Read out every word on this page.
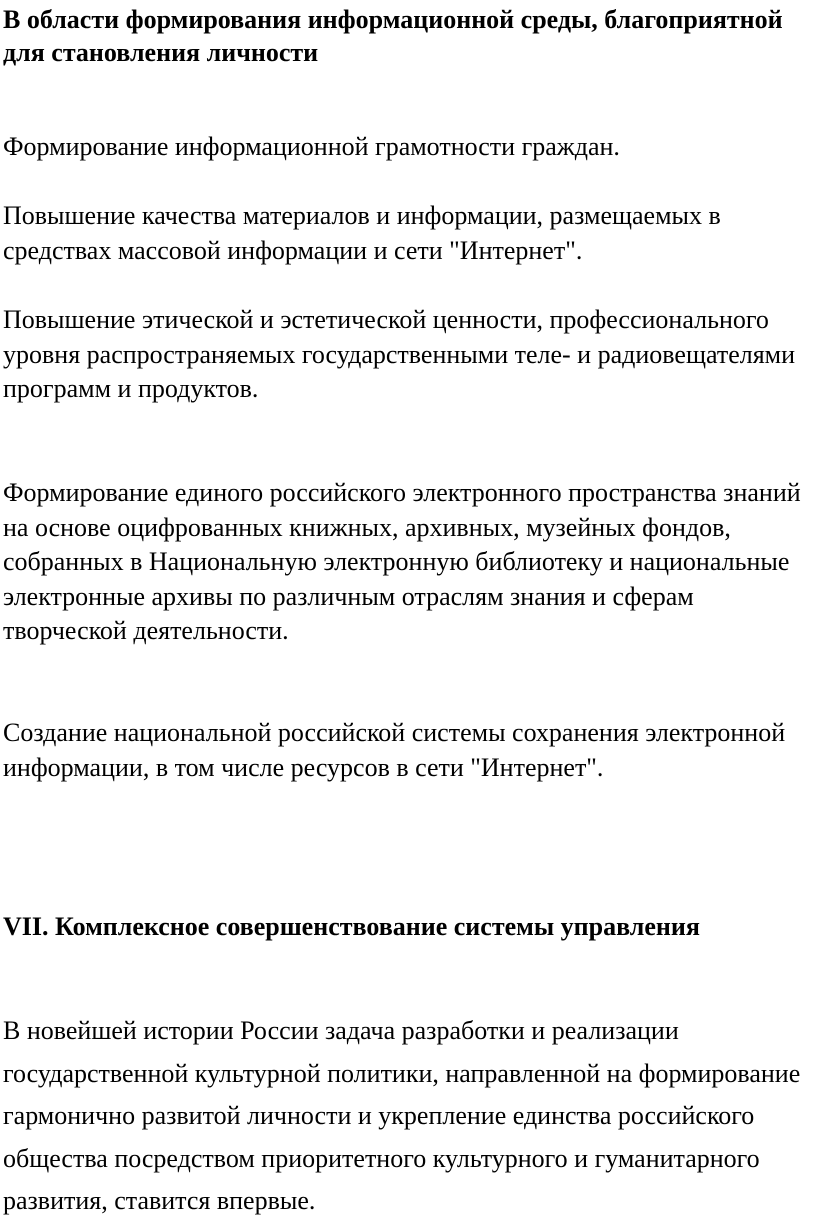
В области формирования информационной среды, благоприятной для становления личности

Формирование информационной грамотности граждан.

Повышение качества материалов и информации, размещаемых в средствах массовой информации и сети "Интернет".

Повышение этической и эстетической ценности, профессионального уровня распространяемых государственными теле- и радиовещателями программ и продуктов.

Формирование единого российского электронного пространства знаний на основе оцифрованных книжных, архивных, музейных фондов, собранных в Национальную электронную библиотеку и национальные электронные архивы по различным отраслям знания и сферам творческой деятельности.

Создание национальной российской системы сохранения электронной информации, в том числе ресурсов в сети "Интернет".

VII. Комплексное совершенствование системы управления

В новейшей истории России задача разработки и реализации государственной культурной политики, направленной на формирование гармонично развитой личности и укрепление единства российского общества посредством приоритетного культурного и гуманитарного развития, ставится впервые.
